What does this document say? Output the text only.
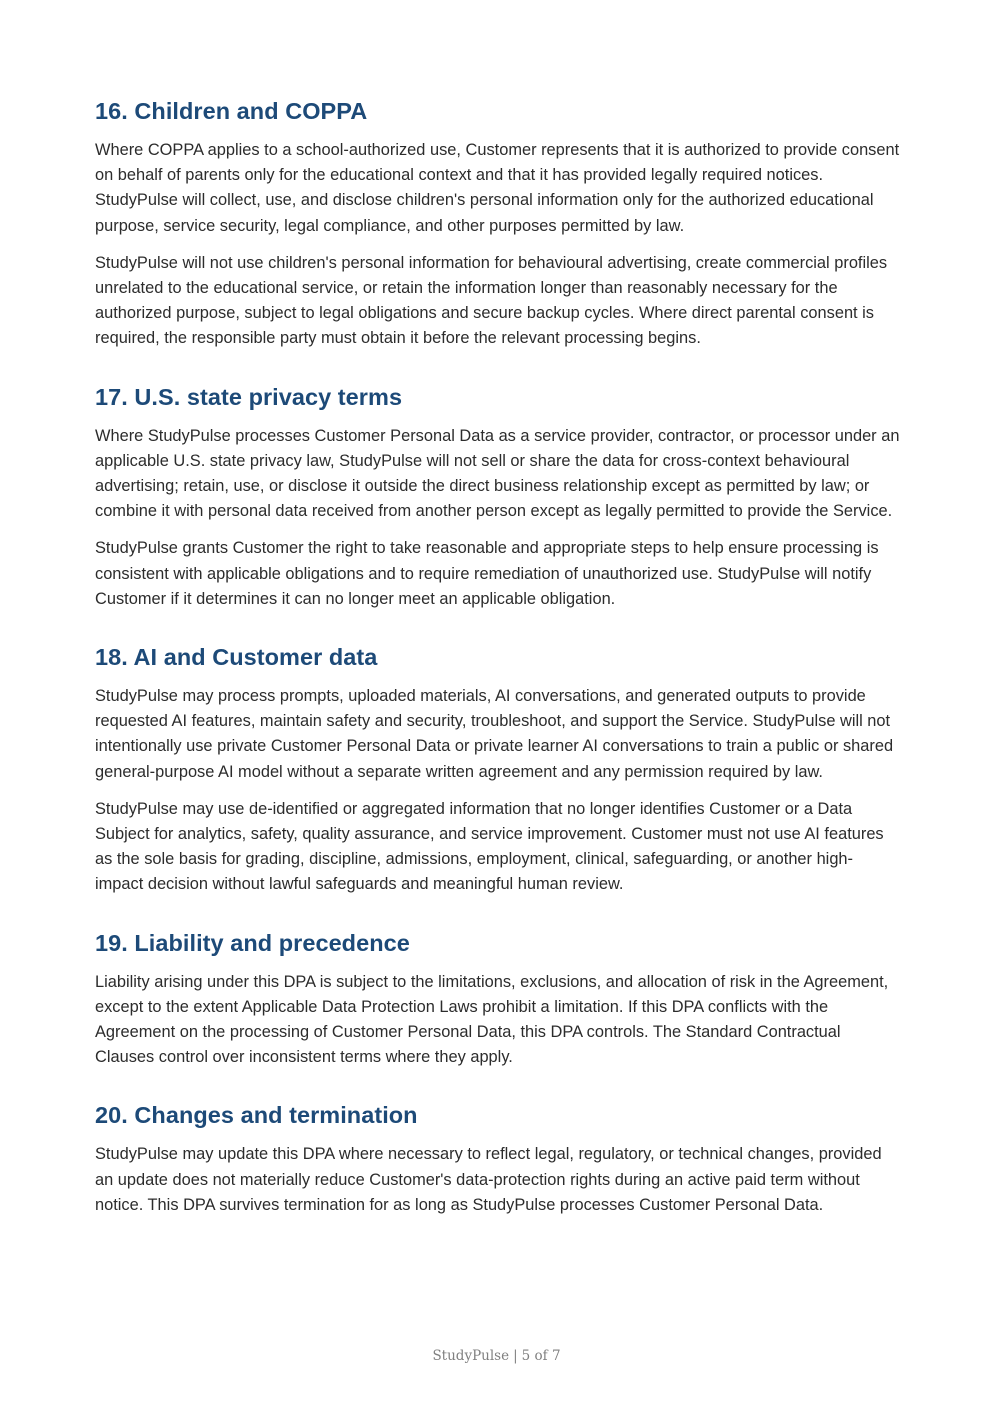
16. Children and COPPA

Where COPPA applies to a school-authorized use, Customer represents that it is authorized to provide consent on behalf of parents only for the educational context and that it has provided legally required notices. StudyPulse will collect, use, and disclose children's personal information only for the authorized educational purpose, service security, legal compliance, and other purposes permitted by law.

StudyPulse will not use children's personal information for behavioural advertising, create commercial profiles unrelated to the educational service, or retain the information longer than reasonably necessary for the authorized purpose, subject to legal obligations and secure backup cycles. Where direct parental consent is required, the responsible party must obtain it before the relevant processing begins.

17. U.S. state privacy terms

Where StudyPulse processes Customer Personal Data as a service provider, contractor, or processor under an applicable U.S. state privacy law, StudyPulse will not sell or share the data for cross-context behavioural advertising; retain, use, or disclose it outside the direct business relationship except as permitted by law; or combine it with personal data received from another person except as legally permitted to provide the Service.

StudyPulse grants Customer the right to take reasonable and appropriate steps to help ensure processing is consistent with applicable obligations and to require remediation of unauthorized use. StudyPulse will notify Customer if it determines it can no longer meet an applicable obligation.

18. AI and Customer data

StudyPulse may process prompts, uploaded materials, AI conversations, and generated outputs to provide requested AI features, maintain safety and security, troubleshoot, and support the Service. StudyPulse will not intentionally use private Customer Personal Data or private learner AI conversations to train a public or shared general-purpose AI model without a separate written agreement and any permission required by law.

StudyPulse may use de-identified or aggregated information that no longer identifies Customer or a Data Subject for analytics, safety, quality assurance, and service improvement. Customer must not use AI features as the sole basis for grading, discipline, admissions, employment, clinical, safeguarding, or another high-impact decision without lawful safeguards and meaningful human review.

19. Liability and precedence

Liability arising under this DPA is subject to the limitations, exclusions, and allocation of risk in the Agreement, except to the extent Applicable Data Protection Laws prohibit a limitation. If this DPA conflicts with the Agreement on the processing of Customer Personal Data, this DPA controls. The Standard Contractual Clauses control over inconsistent terms where they apply.

20. Changes and termination

StudyPulse may update this DPA where necessary to reflect legal, regulatory, or technical changes, provided an update does not materially reduce Customer's data-protection rights during an active paid term without notice. This DPA survives termination for as long as StudyPulse processes Customer Personal Data.

StudyPulse | 5 of 7
